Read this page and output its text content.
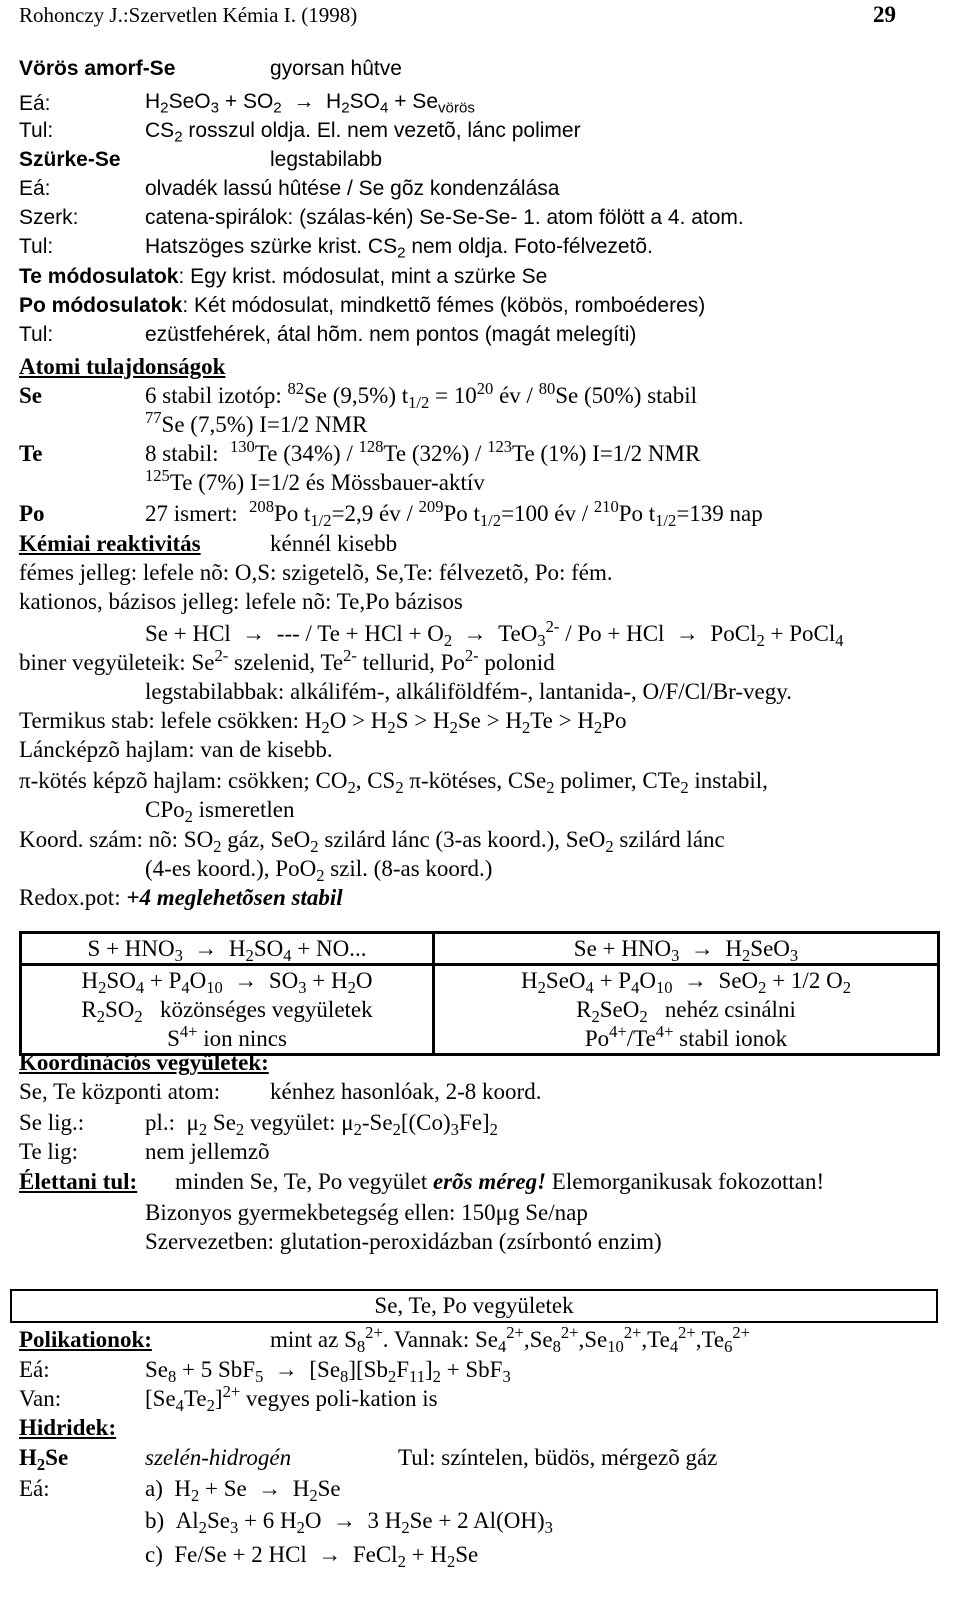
Rohonczy J.:Szervetlen Kémia I. (1998)	29
Vörös amorf-Se	gyorsan hûtve
Eá:	$H_2SeO_3 + SO_2 \to H_2SO_4 + Se_{vörös}$
Tul:	$CS_2$ rosszul oldja. El. nem vezetõ, lánc polimer
Szürke-Se	legstabilabb
Eá:	olvadék lassú hûtése / Se gõz kondenzálása
Szerk:	catena-spirálok: (szálas-kén) Se-Se-Se- 1. atom fölött a 4. atom.
Tul:	Hatszöges szürke krist. $CS_2$ nem oldja. Foto-félvezetõ.
Te módosulatok: Egy krist. módosulat, mint a szürke Se
Po módosulatok: Két módosulat, mindkettõ fémes (köbös, romboéderes)
Tul:	ezüstfehérek, átal hõm. nem pontos (magát melegíti)
Atomi tulajdonságok
Se	6 stabil izotóp: $^{82}$Se (9,5%) $t_{1/2} = 10^{20}$ év / $^{80}$Se (50%) stabil
$^{77}$Se (7,5%) I=1/2 NMR
Te	8 stabil:  $^{130}$Te (34%) / $^{128}$Te (32%) / $^{123}$Te (1%) I=1/2 NMR
$^{125}$Te (7%) I=1/2 és Mössbauer-aktív
Po	27 ismert:  $^{208}$Po $t_{1/2}=2,9$ év / $^{209}$Po $t_{1/2}=100$ év / $^{210}$Po $t_{1/2}=139$ nap
Kémiai reaktivitás	kénnél kisebb
fémes jelleg: lefele nõ: O,S: szigetelõ, Se,Te: félvezetõ, Po: fém.
kationos, bázisos jelleg: lefele nõ: Te,Po bázisos
Se + HCl  →  --- / Te + HCl + $O_2 \to TeO_3^{2-} / Po$ + HCl  →  PoCl$_2$ + PoCl$_4$
biner vegyületeik: $Se^{2-}$ szelenid, $Te^{2-}$ tellurid, $Po^{2-}$ polonid
legstabilabbak: alkálifém-, alkáliföldfém-, lantanida-, O/F/Cl/Br-vegy.
Termikus stab: lefele csökken: $H_2O > H_2S > H_2Se > H_2Te > H_2Po$
Láncképzõ hajlam: van de kisebb.
π-kötés képzõ hajlam: csökken; $CO_2$, $CS_2$ π-kötéses, CSe$_2$ polimer, CTe$_2$ instabil,
CPo$_2$ ismeretlen
Koord. szám: nõ: $SO_2$ gáz, SeO$_2$ szilárd lánc (3-as koord.), SeO$_2$ szilárd lánc
(4-es koord.), PoO$_2$ szil. (8-as koord.)
Redox.pot: +4 meglehetõsen stabil
$S + HNO_3 \to H_2SO_4$ + NO...	$Se + HNO_3 \to H_2SeO_3$
$H_2SO_4 + P_4O_{10} \to SO_3 + H_2O$	$H_2SeO_4 + P_4O_{10} \to SeO_2 + 1/2$ $O_2$
$R_2SO_2$   közönséges vegyületek	$R_2SeO_2$   nehéz csinálni
$S^{4+}$ ion nincs	$Po^{4+}/Te^{4+}$ stabil ionok
Koordinációs vegyületek:
Se, Te központi atom: kénhez hasonlóak, 2-8 koord.
Se lig.:	pl.:  $\mu_2$ $Se_2$ vegyület: $\mu_2-Se_2[(Co)_3Fe]_2$
Te lig:	nem jellemzõ
Élettani tul: minden Se, Te, Po vegyület erõs méreg! Elemorganikusak fokozottan!
Bizonyos gyermekbetegség ellen: 150μg Se/nap
Szervezetben: glutation-peroxidázban (zsírbontó enzim)
Se, Te, Po vegyületek
Polikationok:	mint az $S_8^{2+}$. Vannak: $Se_4^{2+},Se_8^{2+},Se_{10}^{2+},Te_4^{2+},Te_6^{2+}$
Eá:	$Se_8 + 5$ $SbF_5 \to [Se_8][Sb_2F_{11}]_2 + SbF_3$
Van:	$[Se_4Te_2]^{2+}$ vegyes poli-kation is
Hidridek:
$H_2Se$	szelén-hidrogén	Tul: színtelen, büdös, mérgezõ gáz
Eá:	a)  $H_2 + Se \to H_2Se$
b)  $Al_2Se_3 + 6$ $H_2O \to 3$ $H_2Se + 2$ $Al(OH)_3$
c)  Fe/Se + 2 HCl  →  FeCl$_2$ + $H_2Se$
